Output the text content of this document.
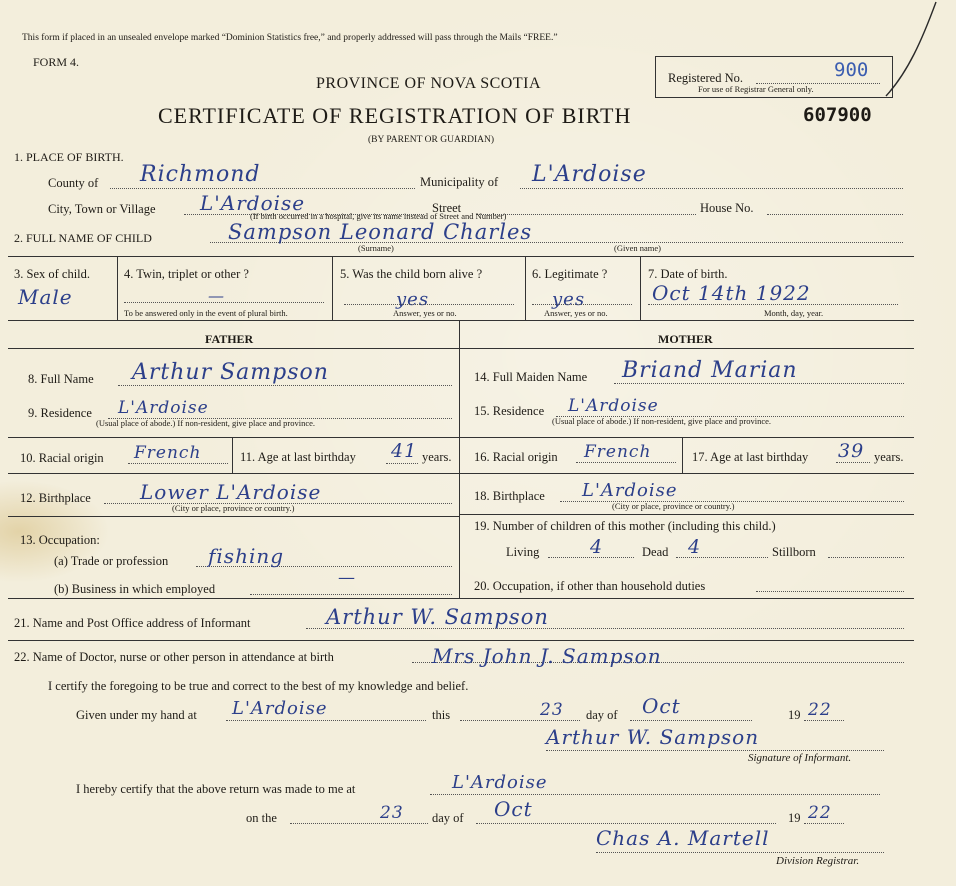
This form if placed in an unsealed envelope marked “Dominion Statistics free,” and properly addressed will pass through the Mails “FREE.”
FORM 4.
PROVINCE OF NOVA SCOTIA
CERTIFICATE OF REGISTRATION OF BIRTH
(BY PARENT OR GUARDIAN)
Registered No.	900
For use of Registrar General only.
607900
1. PLACE OF BIRTH.
County of Richmond	Municipality of L'Ardoise
City, Town or Village L'Ardoise	Street	House No.
(If birth occurred in a hospital, give its name instead of Street and Number)
2. FULL NAME OF CHILD	Sampson Leonard Charles
(Surname)	(Given name)
3. Sex of child.
Male
4. Twin, triplet or other ?
—
To be answered only in the event of plural birth.
5. Was the child born alive ?
yes
Answer, yes or no.
6. Legitimate ?
yes
Answer, yes or no.
7. Date of birth.
Oct 14th 1922
Month, day, year.
FATHER	MOTHER
8. Full Name Arthur Sampson
9. Residence L'Ardoise
(Usual place of abode.) If non-resident, give place and province.
10. Racial origin French	11. Age at last birthday 41 years.
12. Birthplace Lower L'Ardoise
(City or place, province or country.)
13. Occupation:
(a) Trade or profession fishing
(b) Business in which employed
—
14. Full Maiden Name Briand Marian
15. Residence L'Ardoise
(Usual place of abode.) If non-resident, give place and province.
16. Racial origin French	17. Age at last birthday 39 years.
18. Birthplace L'Ardoise
(City or place, province or country.)
19. Number of children of this mother (including this child.)
Living	4	Dead 4	Stillborn
20. Occupation, if other than household duties
21. Name and Post Office address of Informant	Arthur W. Sampson
22. Name of Doctor, nurse or other person in attendance at birth	Mrs John J. Sampson
I certify the foregoing to be true and correct to the best of my knowledge and belief.
Given under my hand at L'Ardoise	this	23 day of Oct	19 22
Arthur W. Sampson
Signature of Informant.
I hereby certify that the above return was made to me at	L'Ardoise
on the	23 day of Oct	19 22
Chas A. Martell
Division Registrar.
